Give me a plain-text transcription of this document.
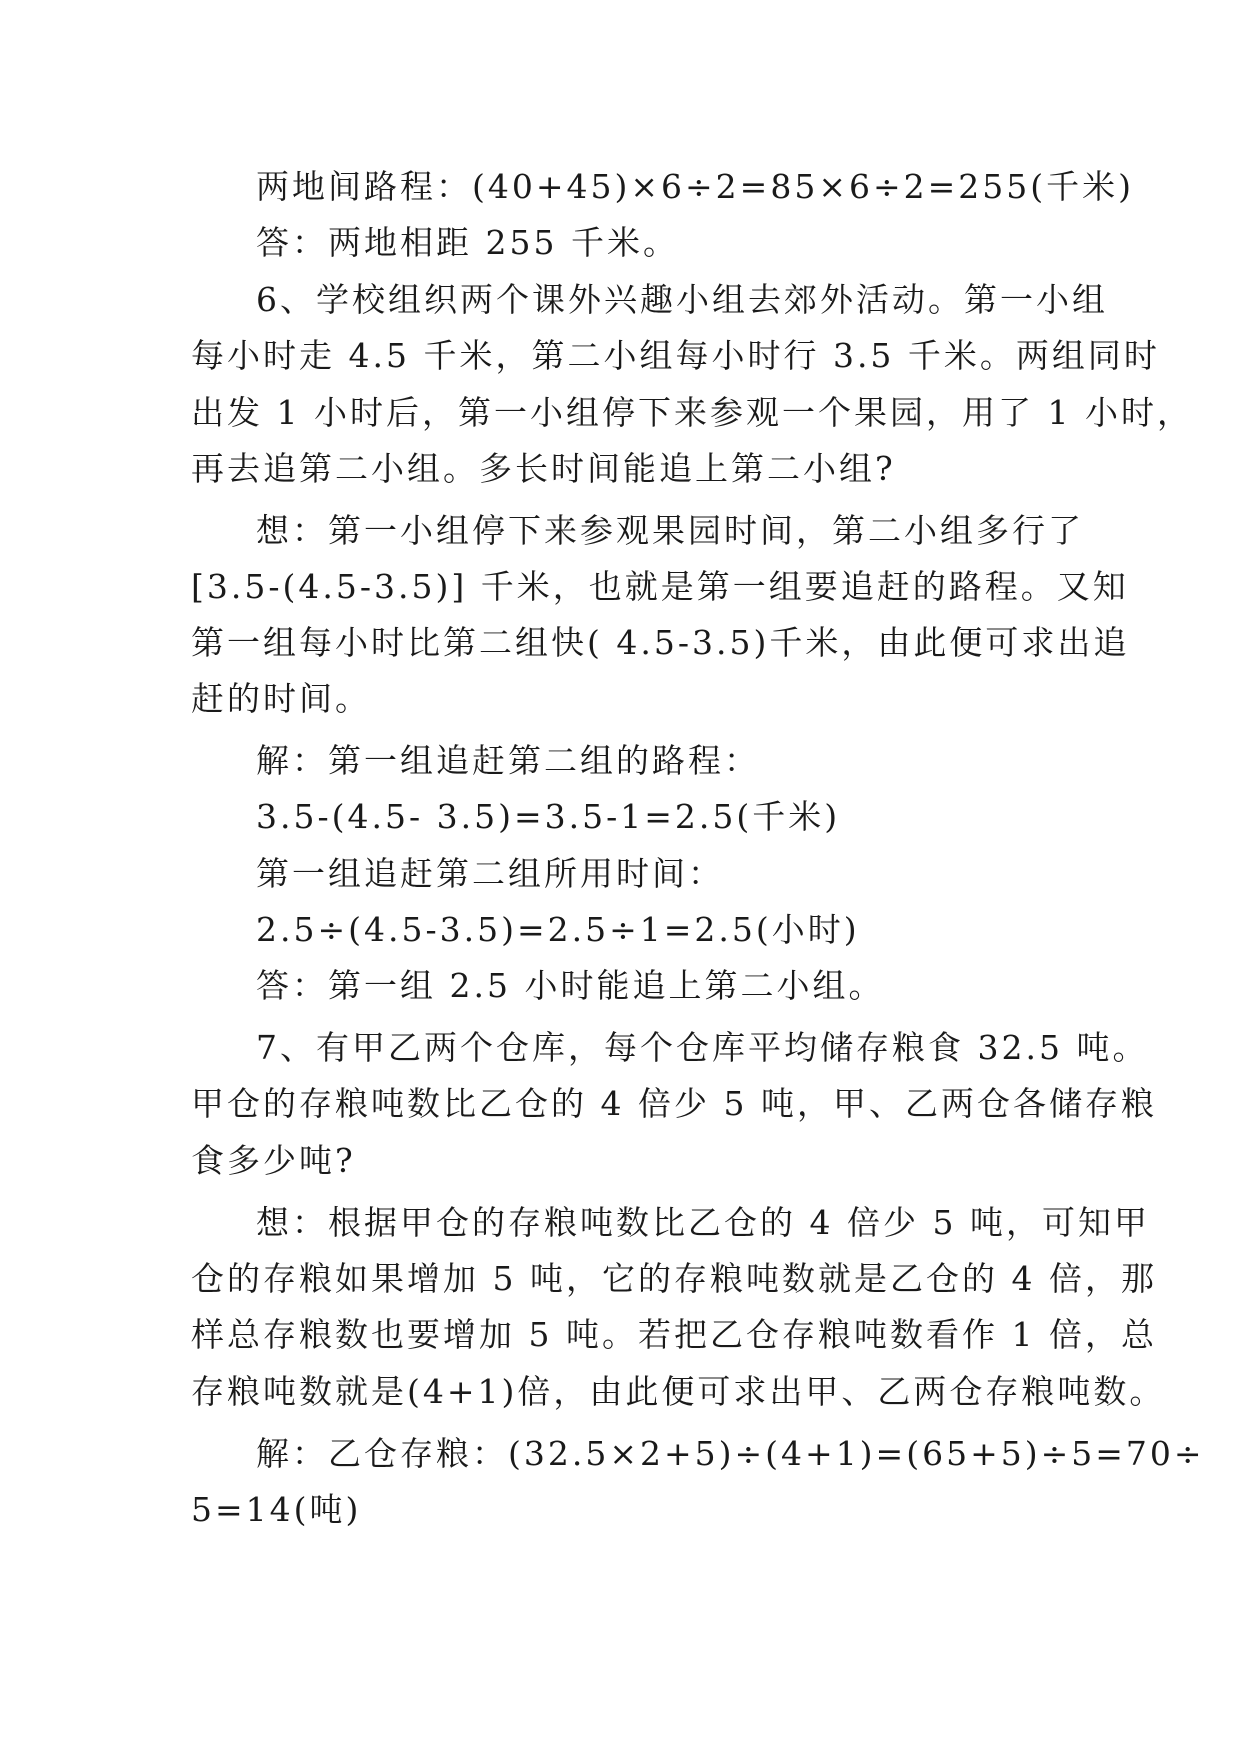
两地间路程：(40+45)×6÷2=85×6÷2=255(千米)
答：两地相距 255 千米。
6、学校组织两个课外兴趣小组去郊外活动。第一小组
每小时走 4.5 千米，第二小组每小时行 3.5 千米。两组同时
出发 1 小时后，第一小组停下来参观一个果园，用了 1 小时，
再去追第二小组。多长时间能追上第二小组?
想：第一小组停下来参观果园时间，第二小组多行了
[3.5-(4.5-3.5)] 千米，也就是第一组要追赶的路程。又知
第一组每小时比第二组快( 4.5-3.5)千米，由此便可求出追
赶的时间。
解：第一组追赶第二组的路程：
3.5-(4.5- 3.5)=3.5-1=2.5(千米)
第一组追赶第二组所用时间：
2.5÷(4.5-3.5)=2.5÷1=2.5(小时)
答：第一组 2.5 小时能追上第二小组。
7、有甲乙两个仓库，每个仓库平均储存粮食 32.5 吨。
甲仓的存粮吨数比乙仓的 4 倍少 5 吨，甲、乙两仓各储存粮
食多少吨?
想：根据甲仓的存粮吨数比乙仓的 4 倍少 5 吨，可知甲
仓的存粮如果增加 5 吨，它的存粮吨数就是乙仓的 4 倍，那
样总存粮数也要增加 5 吨。若把乙仓存粮吨数看作 1 倍，总
存粮吨数就是(4+1)倍，由此便可求出甲、乙两仓存粮吨数。
解：乙仓存粮：(32.5×2+5)÷(4+1)=(65+5)÷5=70÷
5=14(吨)
